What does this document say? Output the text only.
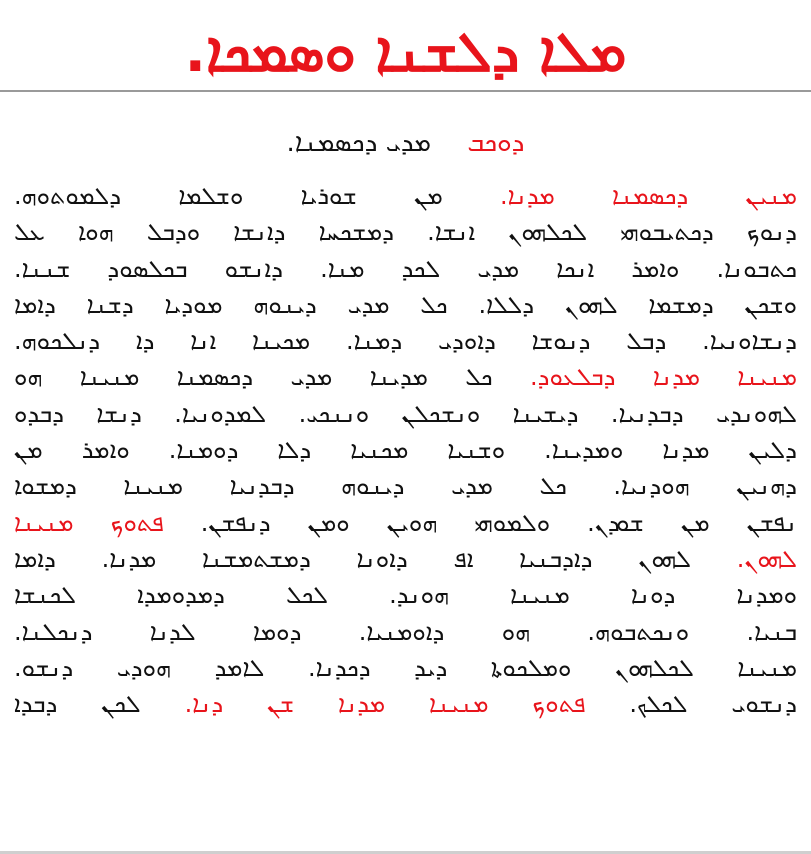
ܡܠܐ ܕܠܫܢܐ ܘܣܡܟܐ.
ܕܘܟܒ ܡܕܝ ܕܟܣܡܢܐ.
ܡܢܝܢ ܕܟܣܡܢܐ ܡܕܢܐ. ܡܢ ܫܘܪܝܐ ܘܫܠܡܐ ܕܠܡܘܬܘܗ.
ܕܢܘܟ ܕܟܬܝܒܘܗܝ ܠܟܠܗܘܢ ܐܢܫܐ. ܕܡܫܟܚܐ ܕܐܢܫܐ ܘܕܒܠ ܗܘܐ ܥܠ
ܟܬܒܘܢܐ. ܘܐܡܪ ܐܢܟܐ ܡܕܝ ܠܟܕ ܡܢܐ. ܕܐܢܫܘ ܒܟܠܣܘܕ ܫܢܢܐ.
ܘܫܟܢ ܕܡܫܡܐ ܠܗܘܢ ܕܠܠܐ. ܟܠ ܡܕܝ ܕܝܢܘܗ ܡܘܕܝܐ ܕܫܢܐ ܕܐܡܐ
ܕܢܫܐܘܢܝܐ. ܕܒܠ ܕܢܘܫܐ ܕܐܘܕܝ ܕܡܢܐ. ܡܟܝܢܐ ܐܢܐ ܕܐ ܕܢܠܟܘܗ.
ܡܢܝܢܐ ܡܕܢܐ ܕܒܠܥܘܕ. ܟܠ ܡܕܝܢܐ ܡܕܝ ܕܟܣܡܢܐ ܡܢܝܢܐ ܗܘ
ܠܗܘܢܕܝ ܕܒܕܢܝܐ. ܕܝܫܝܢܐ ܘܢܫܟܠܢ ܘܢܢܟܝ. ܠܡܕܘܢܝܐ. ܕܢܫܐ ܕܒܕܘ
ܕܠܝܢ ܡܕܢܐ ܘܡܕܝܢܐ. ܘܫܢܝܐ ܡܟܢܝܐ ܕܠܐ ܕܘܡܢܐ. ܘܐܡܪ ܡܢ
ܕܗܢܝܢ ܗܘܕܢܝܐ. ܟܠ ܡܕܝ ܕܝܢܘܗ ܕܒܕܢܝܐ ܡܢܝܢܐ ܕܡܫܘܐ
ܢܦܫܢ ܡܢ ܫܘܕܢ. ܘܠܡܘܗܝ ܗܘܝܢ ܘܡܢ ܕܢܦܫܢ. ܦܬܘܟ ܡܢܝܢܐ
ܠܗܘܢ. ܠܗܘܢ ܕܐܕܒܢܝܐ ܐܦ ܕܐܘܢܐ ܕܡܫܬܡܫܢܐ ܡܕܢܐ. ܕܐܡܐ
ܘܡܕܢܐ ܕܘܢܐ ܡܢܝܢܐ ܗܘܢܕ. ܠܟܠ ܕܡܕܘܡܕܐ ܠܟܢܫܐ
ܒܢܝܐ. ܘܢܟܬܒܘܗ. ܗܘ ܕܐܘܡܢܝܐ. ܕܘܡܐ ܠܕܢܐ ܕܢܟܠܢܐ.
ܡܢܝܢܐ ܠܟܠܗܘܢ ܘܡܠܟܘܬܐ ܕܝܕ ܕܟܕܢܐ. ܠܐܡܕ ܗܘܕܝ ܕܢܫܘ.
ܕܢܫܘܝ ܠܟܠܟ. ܦܬܘܟ ܡܢܝܢܐ ܡܕܢܐ ܫܢ ܕܢܐ. ܠܟܢ ܕܒܕܐ
